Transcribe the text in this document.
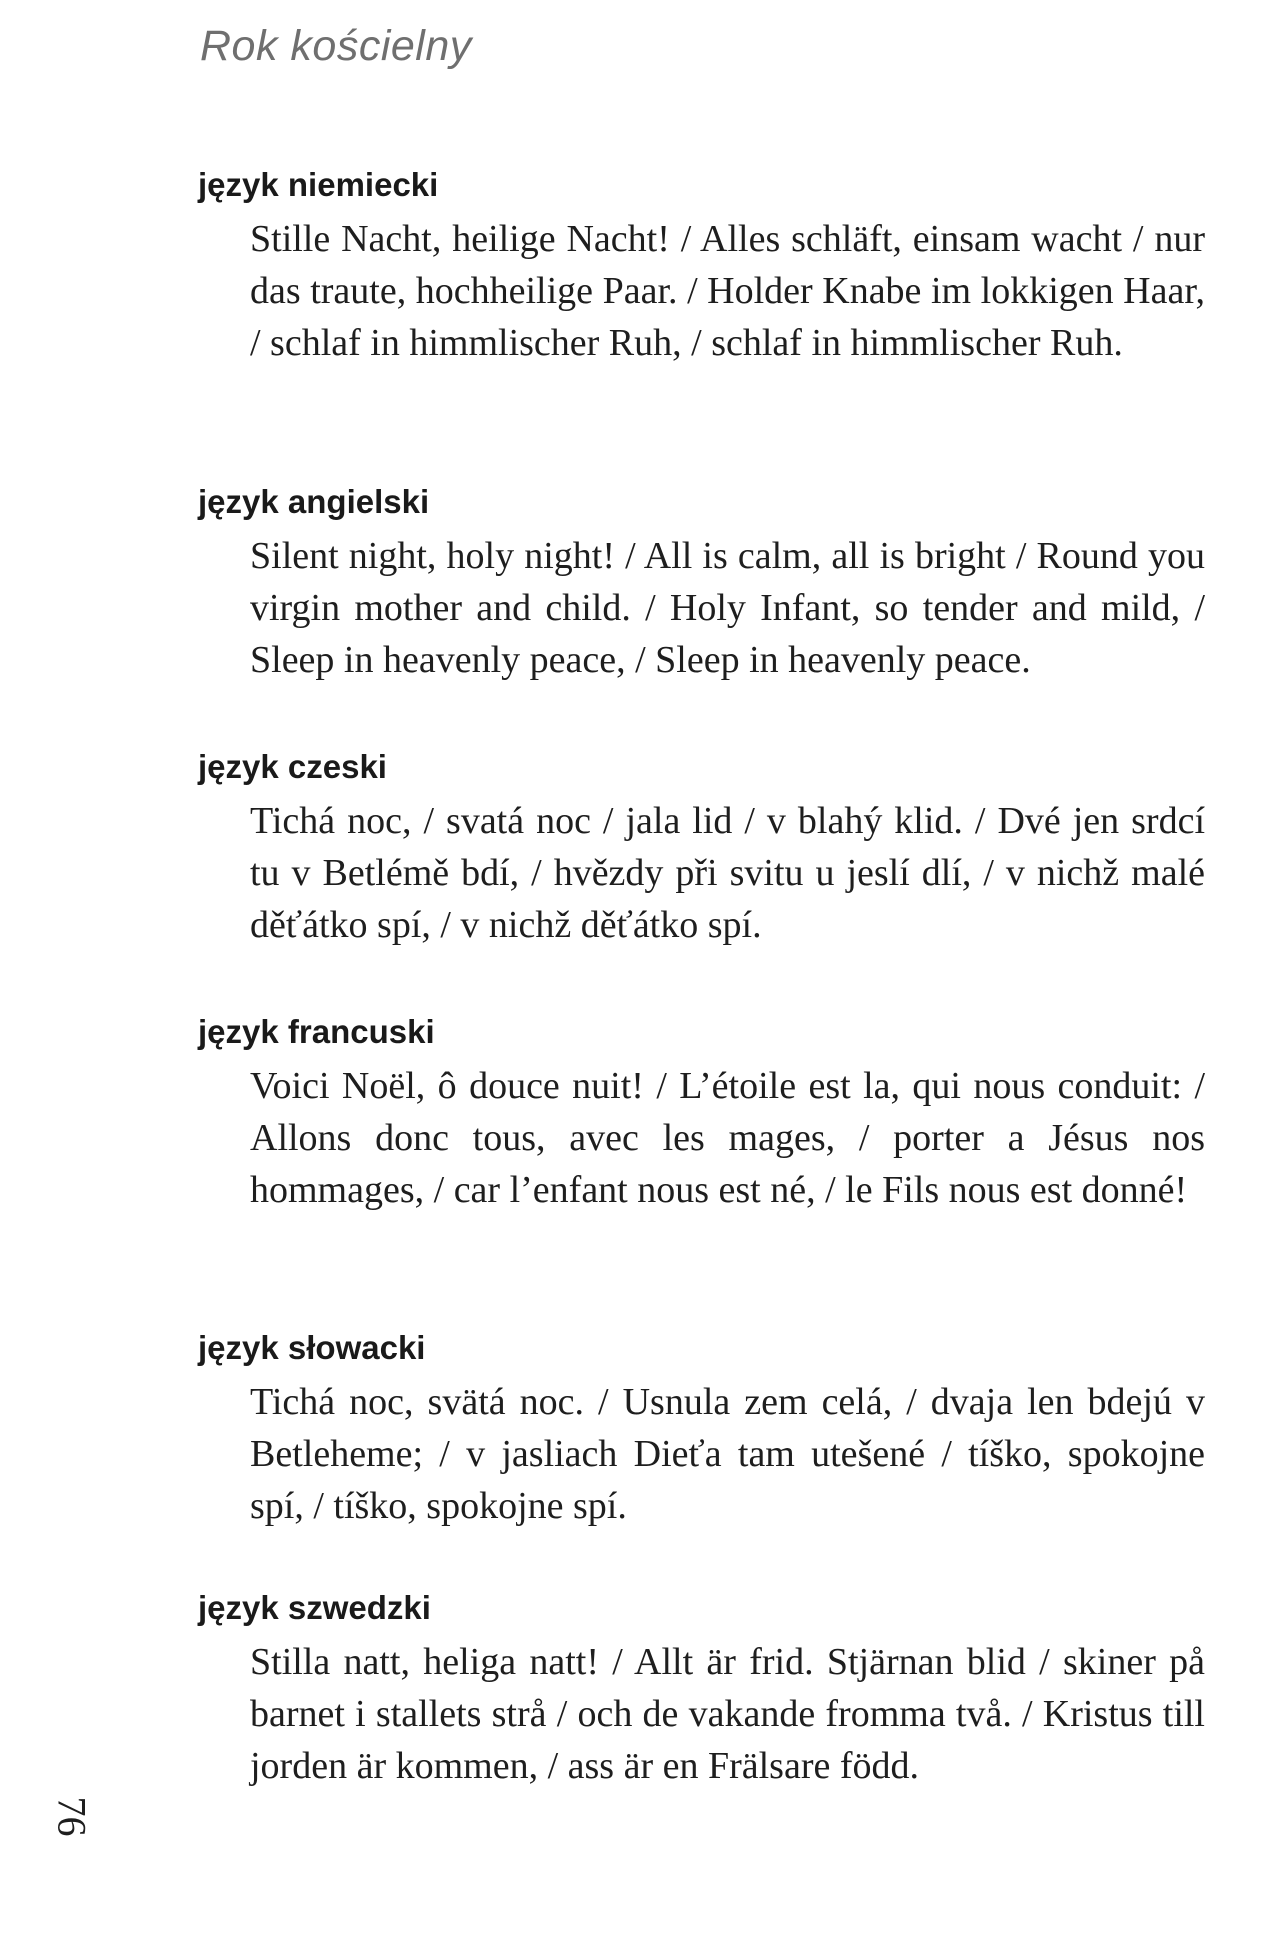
Rok kościelny
język niemiecki

Stille Nacht, heilige Nacht! / Alles schläft, einsam wacht / nur das traute, hochheilige Paar. / Holder Knabe im lokkigen Haar, / schlaf in himmlischer Ruh, / schlaf in himmlischer Ruh.

język angielski

Silent night, holy night! / All is calm, all is bright / Round you virgin mother and child. / Holy Infant, so tender and mild, / Sleep in heavenly peace, / Sleep in heavenly peace.

język czeski

Tichá noc, / svatá noc / jala lid / v blahý klid. / Dvé jen srdcí tu v Betlémě bdí, / hvězdy při svitu u jeslí dlí, / v nichž malé děťátko spí, / v nichž děťátko spí.

język francuski

Voici Noël, ô douce nuit! / L’étoile est la, qui nous conduit: / Allons donc tous, avec les mages, / porter a Jésus nos hommages, / car l’enfant nous est né, / le Fils nous est donné!

język słowacki

Tichá noc, svätá noc. / Usnula zem celá, / dvaja len bdejú v Betleheme; / v jasliach Dieťa tam utešené / tíško, spokojne spí, / tíško, spokojne spí.

język szwedzki

Stilla natt, heliga natt! / Allt är frid. Stjärnan blid / skiner på barnet i stallets strå / och de vakande fromma två. / Kristus till jorden är kommen, / ass är en Frälsare född.

76
